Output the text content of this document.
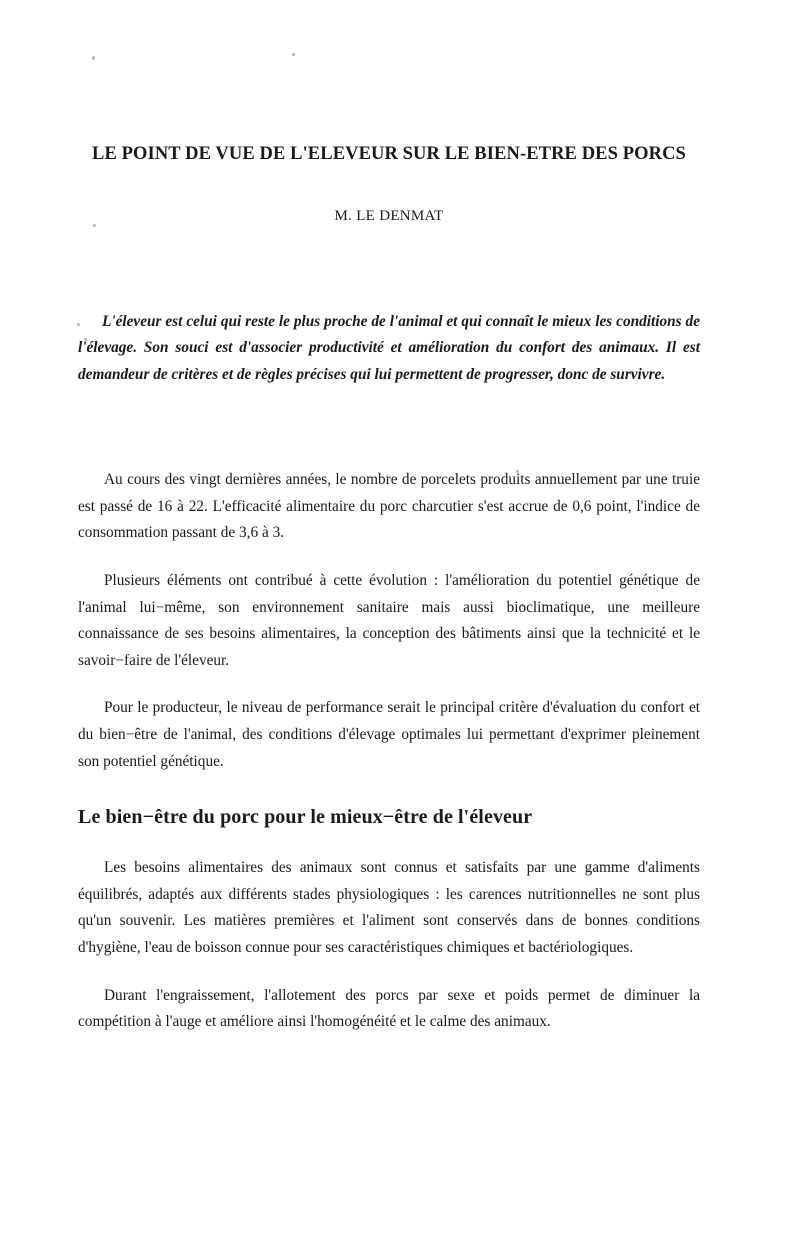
LE POINT DE VUE DE L'ELEVEUR SUR LE BIEN-ETRE DES PORCS

M. LE DENMAT

L'éleveur est celui qui reste le plus proche de l'animal et qui connaît le mieux les conditions de l'élevage. Son souci est d'associer productivité et amélioration du confort des animaux. Il est demandeur de critères et de règles précises qui lui permettent de progresser, donc de survivre.

Au cours des vingt dernières années, le nombre de porcelets produits annuellement par une truie est passé de 16 à 22. L'efficacité alimentaire du porc charcutier s'est accrue de 0,6 point, l'indice de consommation passant de 3,6 à 3.

Plusieurs éléments ont contribué à cette évolution : l'amélioration du potentiel génétique de l'animal lui−même, son environnement sanitaire mais aussi bioclimatique, une meilleure connaissance de ses besoins alimentaires, la conception des bâtiments ainsi que la technicité et le savoir−faire de l'éleveur.

Pour le producteur, le niveau de performance serait le principal critère d'évaluation du confort et du bien−être de l'animal, des conditions d'élevage optimales lui permettant d'exprimer pleinement son potentiel génétique.

Le bien−être du porc pour le mieux−être de l'éleveur

Les besoins alimentaires des animaux sont connus et satisfaits par une gamme d'aliments équilibrés, adaptés aux différents stades physiologiques : les carences nutritionnelles ne sont plus qu'un souvenir. Les matières premières et l'aliment sont conservés dans de bonnes conditions d'hygiène, l'eau de boisson connue pour ses caractéristiques chimiques et bactériologiques.

Durant l'engraissement, l'allotement des porcs par sexe et poids permet de diminuer la compétition à l'auge et améliore ainsi l'homogénéité et le calme des animaux.
